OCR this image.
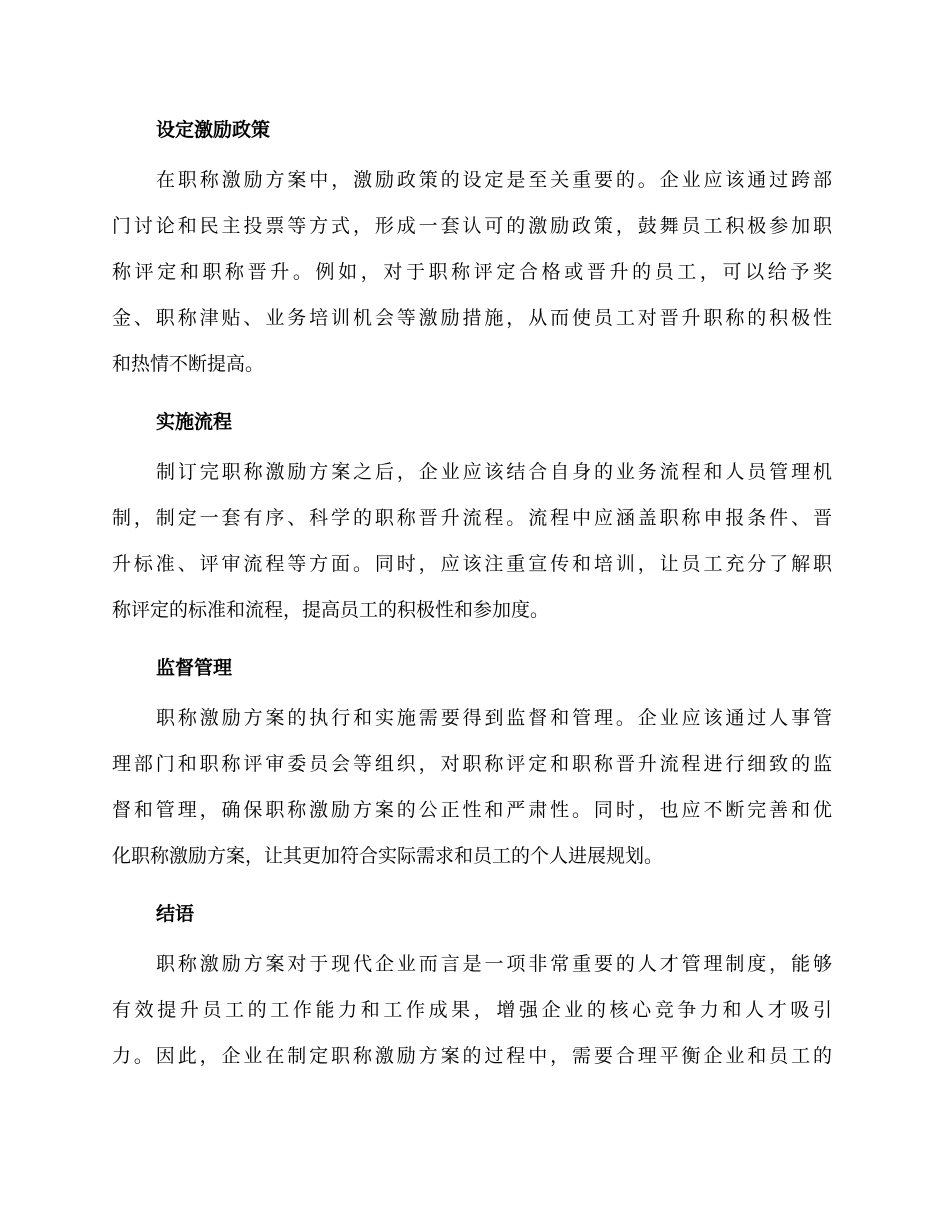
设定激励政策
在职称激励方案中，激励政策的设定是至关重要的。企业应该通过跨部
门讨论和民主投票等方式，形成一套认可的激励政策，鼓舞员工积极参加职
称评定和职称晋升。例如，对于职称评定合格或晋升的员工，可以给予奖
金、职称津贴、业务培训机会等激励措施，从而使员工对晋升职称的积极性
和热情不断提高。
实施流程
制订完职称激励方案之后，企业应该结合自身的业务流程和人员管理机
制，制定一套有序、科学的职称晋升流程。流程中应涵盖职称申报条件、晋
升标准、评审流程等方面。同时，应该注重宣传和培训，让员工充分了解职
称评定的标准和流程，提高员工的积极性和参加度。
监督管理
职称激励方案的执行和实施需要得到监督和管理。企业应该通过人事管
理部门和职称评审委员会等组织，对职称评定和职称晋升流程进行细致的监
督和管理，确保职称激励方案的公正性和严肃性。同时，也应不断完善和优
化职称激励方案，让其更加符合实际需求和员工的个人进展规划。
结语
职称激励方案对于现代企业而言是一项非常重要的人才管理制度，能够
有效提升员工的工作能力和工作成果，增强企业的核心竞争力和人才吸引
力。因此，企业在制定职称激励方案的过程中，需要合理平衡企业和员工的
